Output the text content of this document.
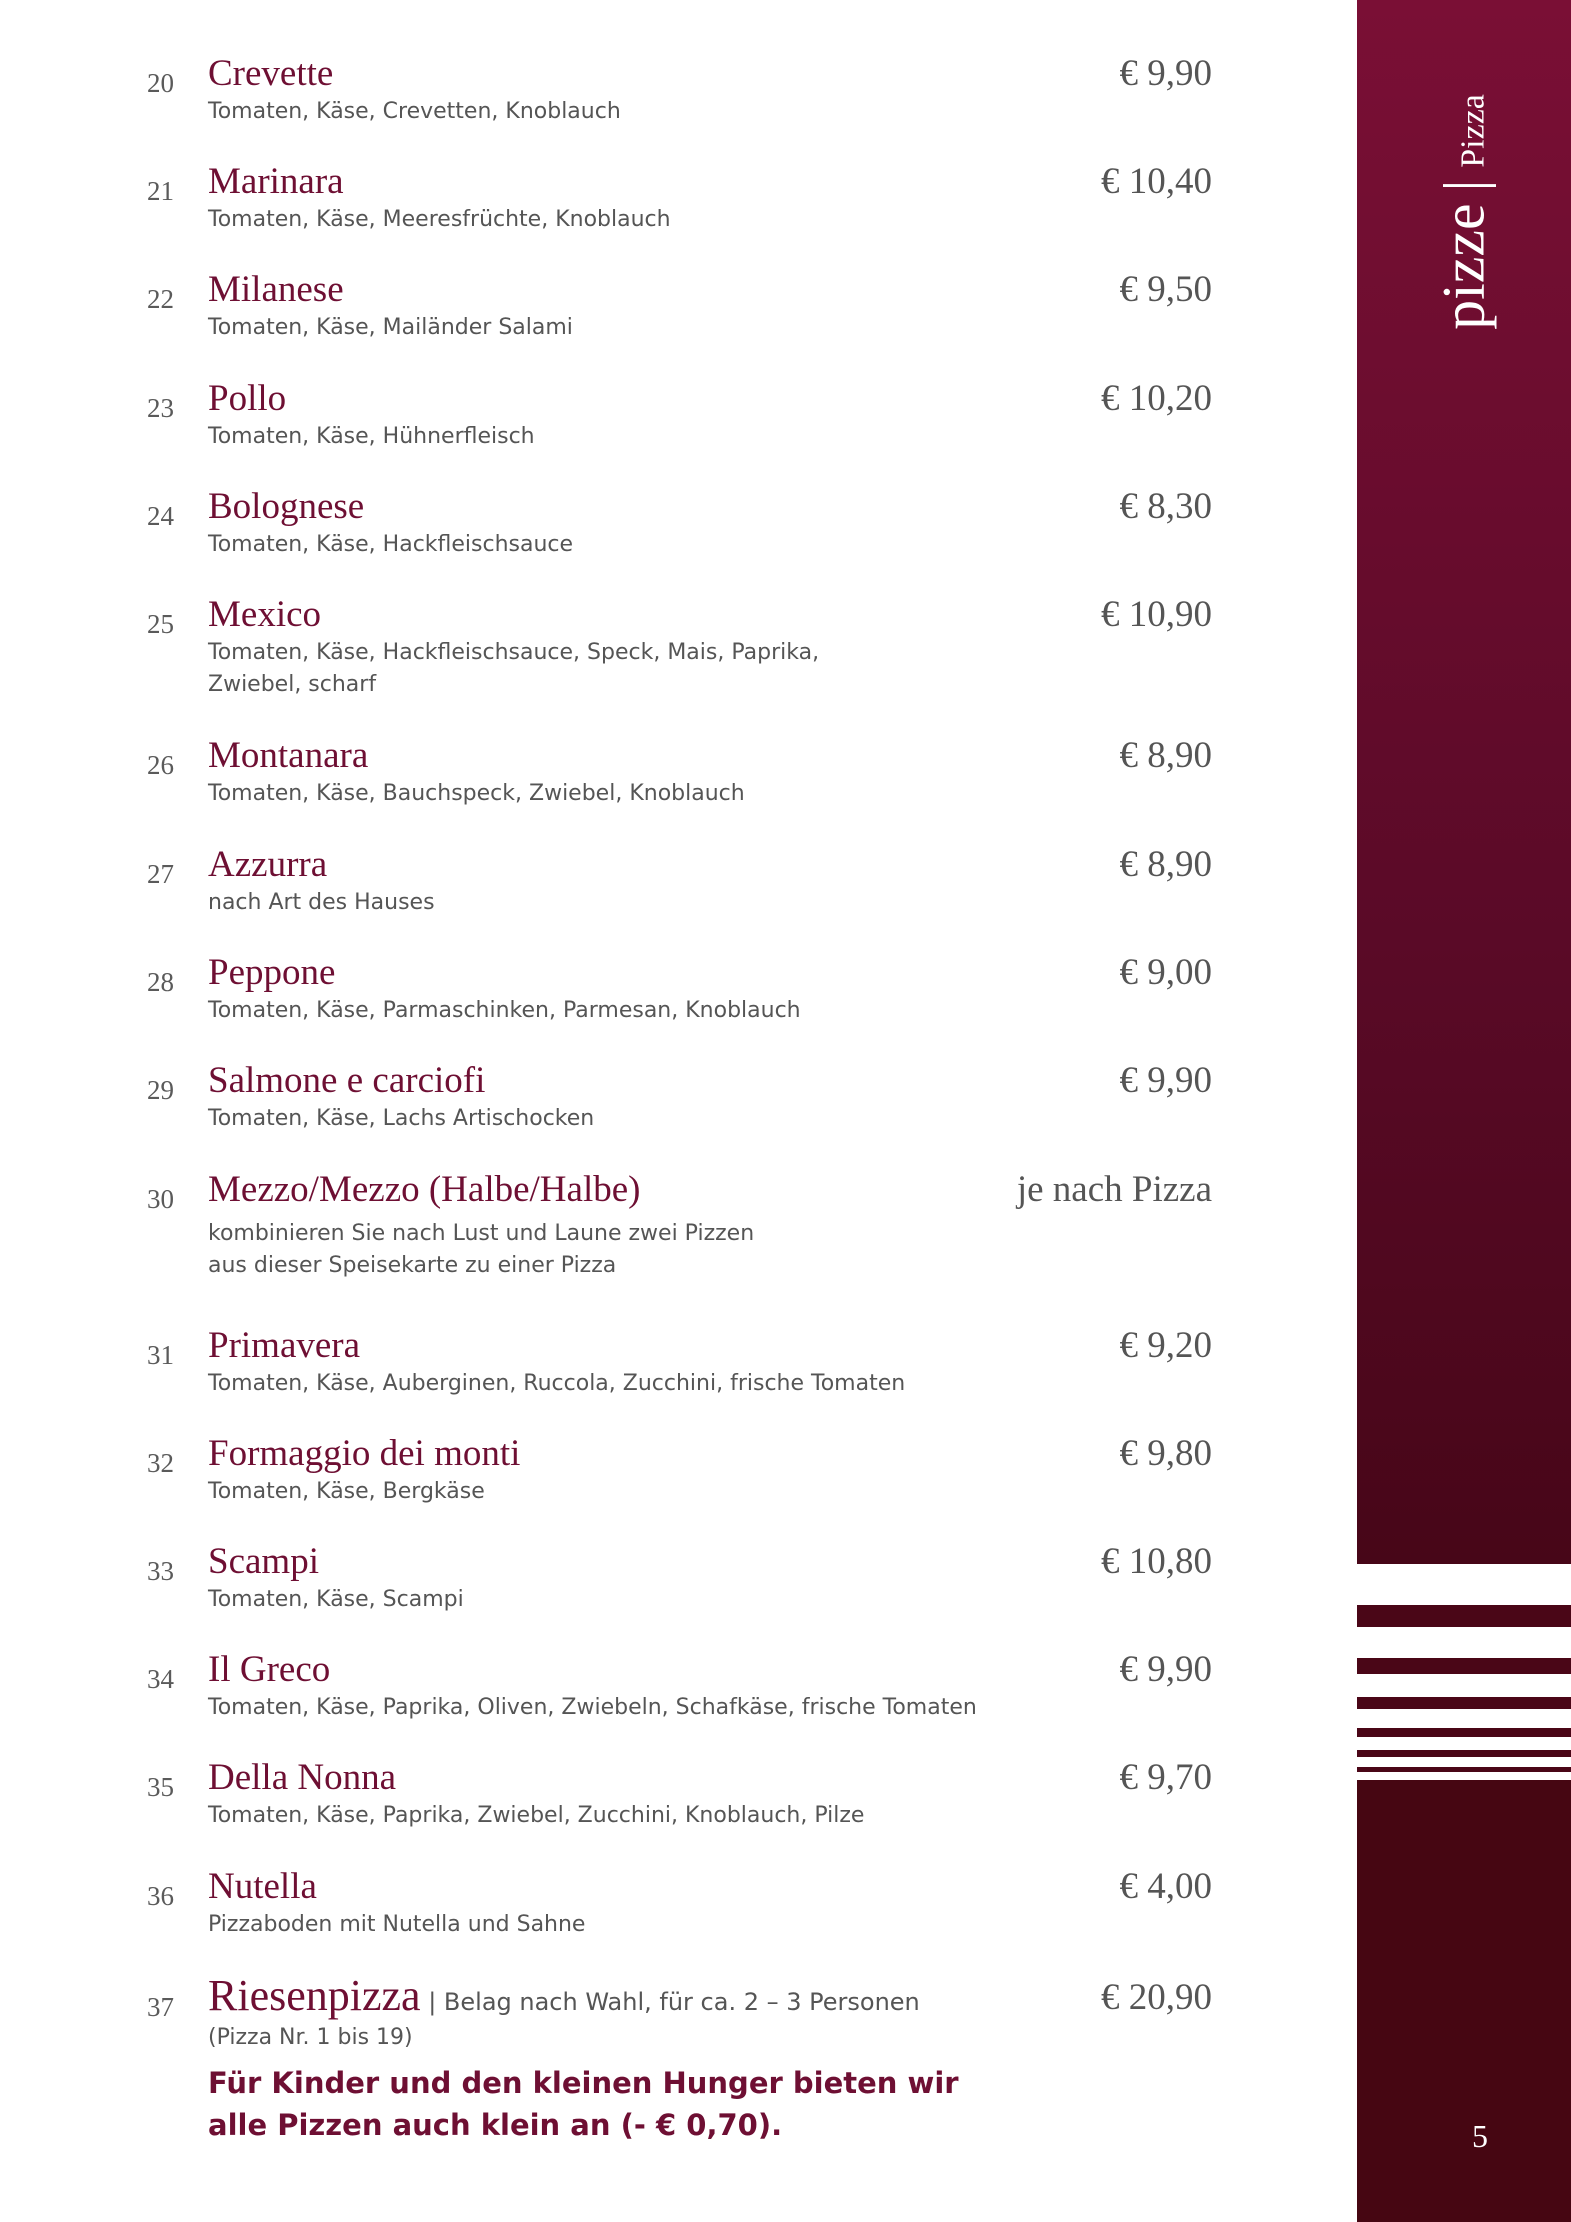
20 Crevette	€ 9,90
Tomaten, Käse, Crevetten, Knoblauch
21 Marinara	€ 10,40
Tomaten, Käse, Meeresfrüchte, Knoblauch
22 Milanese	€ 9,50
Tomaten, Käse, Mailänder Salami
23 Pollo	€ 10,20
Tomaten, Käse, Hühnerfleisch
24 Bolognese	€ 8,30
Tomaten, Käse, Hackfleischsauce
25 Mexico	€ 10,90
Tomaten, Käse, Hackfleischsauce, Speck, Mais, Paprika,
Zwiebel, scharf
26 Montanara	€ 8,90
Tomaten, Käse, Bauchspeck, Zwiebel, Knoblauch
27 Azzurra	€ 8,90
nach Art des Hauses
28 Peppone	€ 9,00
Tomaten, Käse, Parmaschinken, Parmesan, Knoblauch
29 Salmone e carciofi	€ 9,90
Tomaten, Käse, Lachs Artischocken
30 Mezzo/Mezzo (Halbe/Halbe)	je nach Pizza
kombinieren Sie nach Lust und Laune zwei Pizzen
aus dieser Speisekarte zu einer Pizza
31 Primavera	€ 9,20
Tomaten, Käse, Auberginen, Ruccola, Zucchini, frische Tomaten
32 Formaggio dei monti	€ 9,80
Tomaten, Käse, Bergkäse
33 Scampi	€ 10,80
Tomaten, Käse, Scampi
34 Il Greco	€ 9,90
Tomaten, Käse, Paprika, Oliven, Zwiebeln, Schafkäse, frische Tomaten
35 Della Nonna	€ 9,70
Tomaten, Käse, Paprika, Zwiebel, Zucchini, Knoblauch, Pilze
36 Nutella	€ 4,00
Pizzaboden mit Nutella und Sahne
37 Riesenpizza | Belag nach Wahl, für ca. 2 – 3 Personen	€ 20,90
(Pizza Nr. 1 bis 19)
Für Kinder und den kleinen Hunger bieten wir
alle Pizzen auch klein an (- € 0,70).
pizze|Pizza
5
